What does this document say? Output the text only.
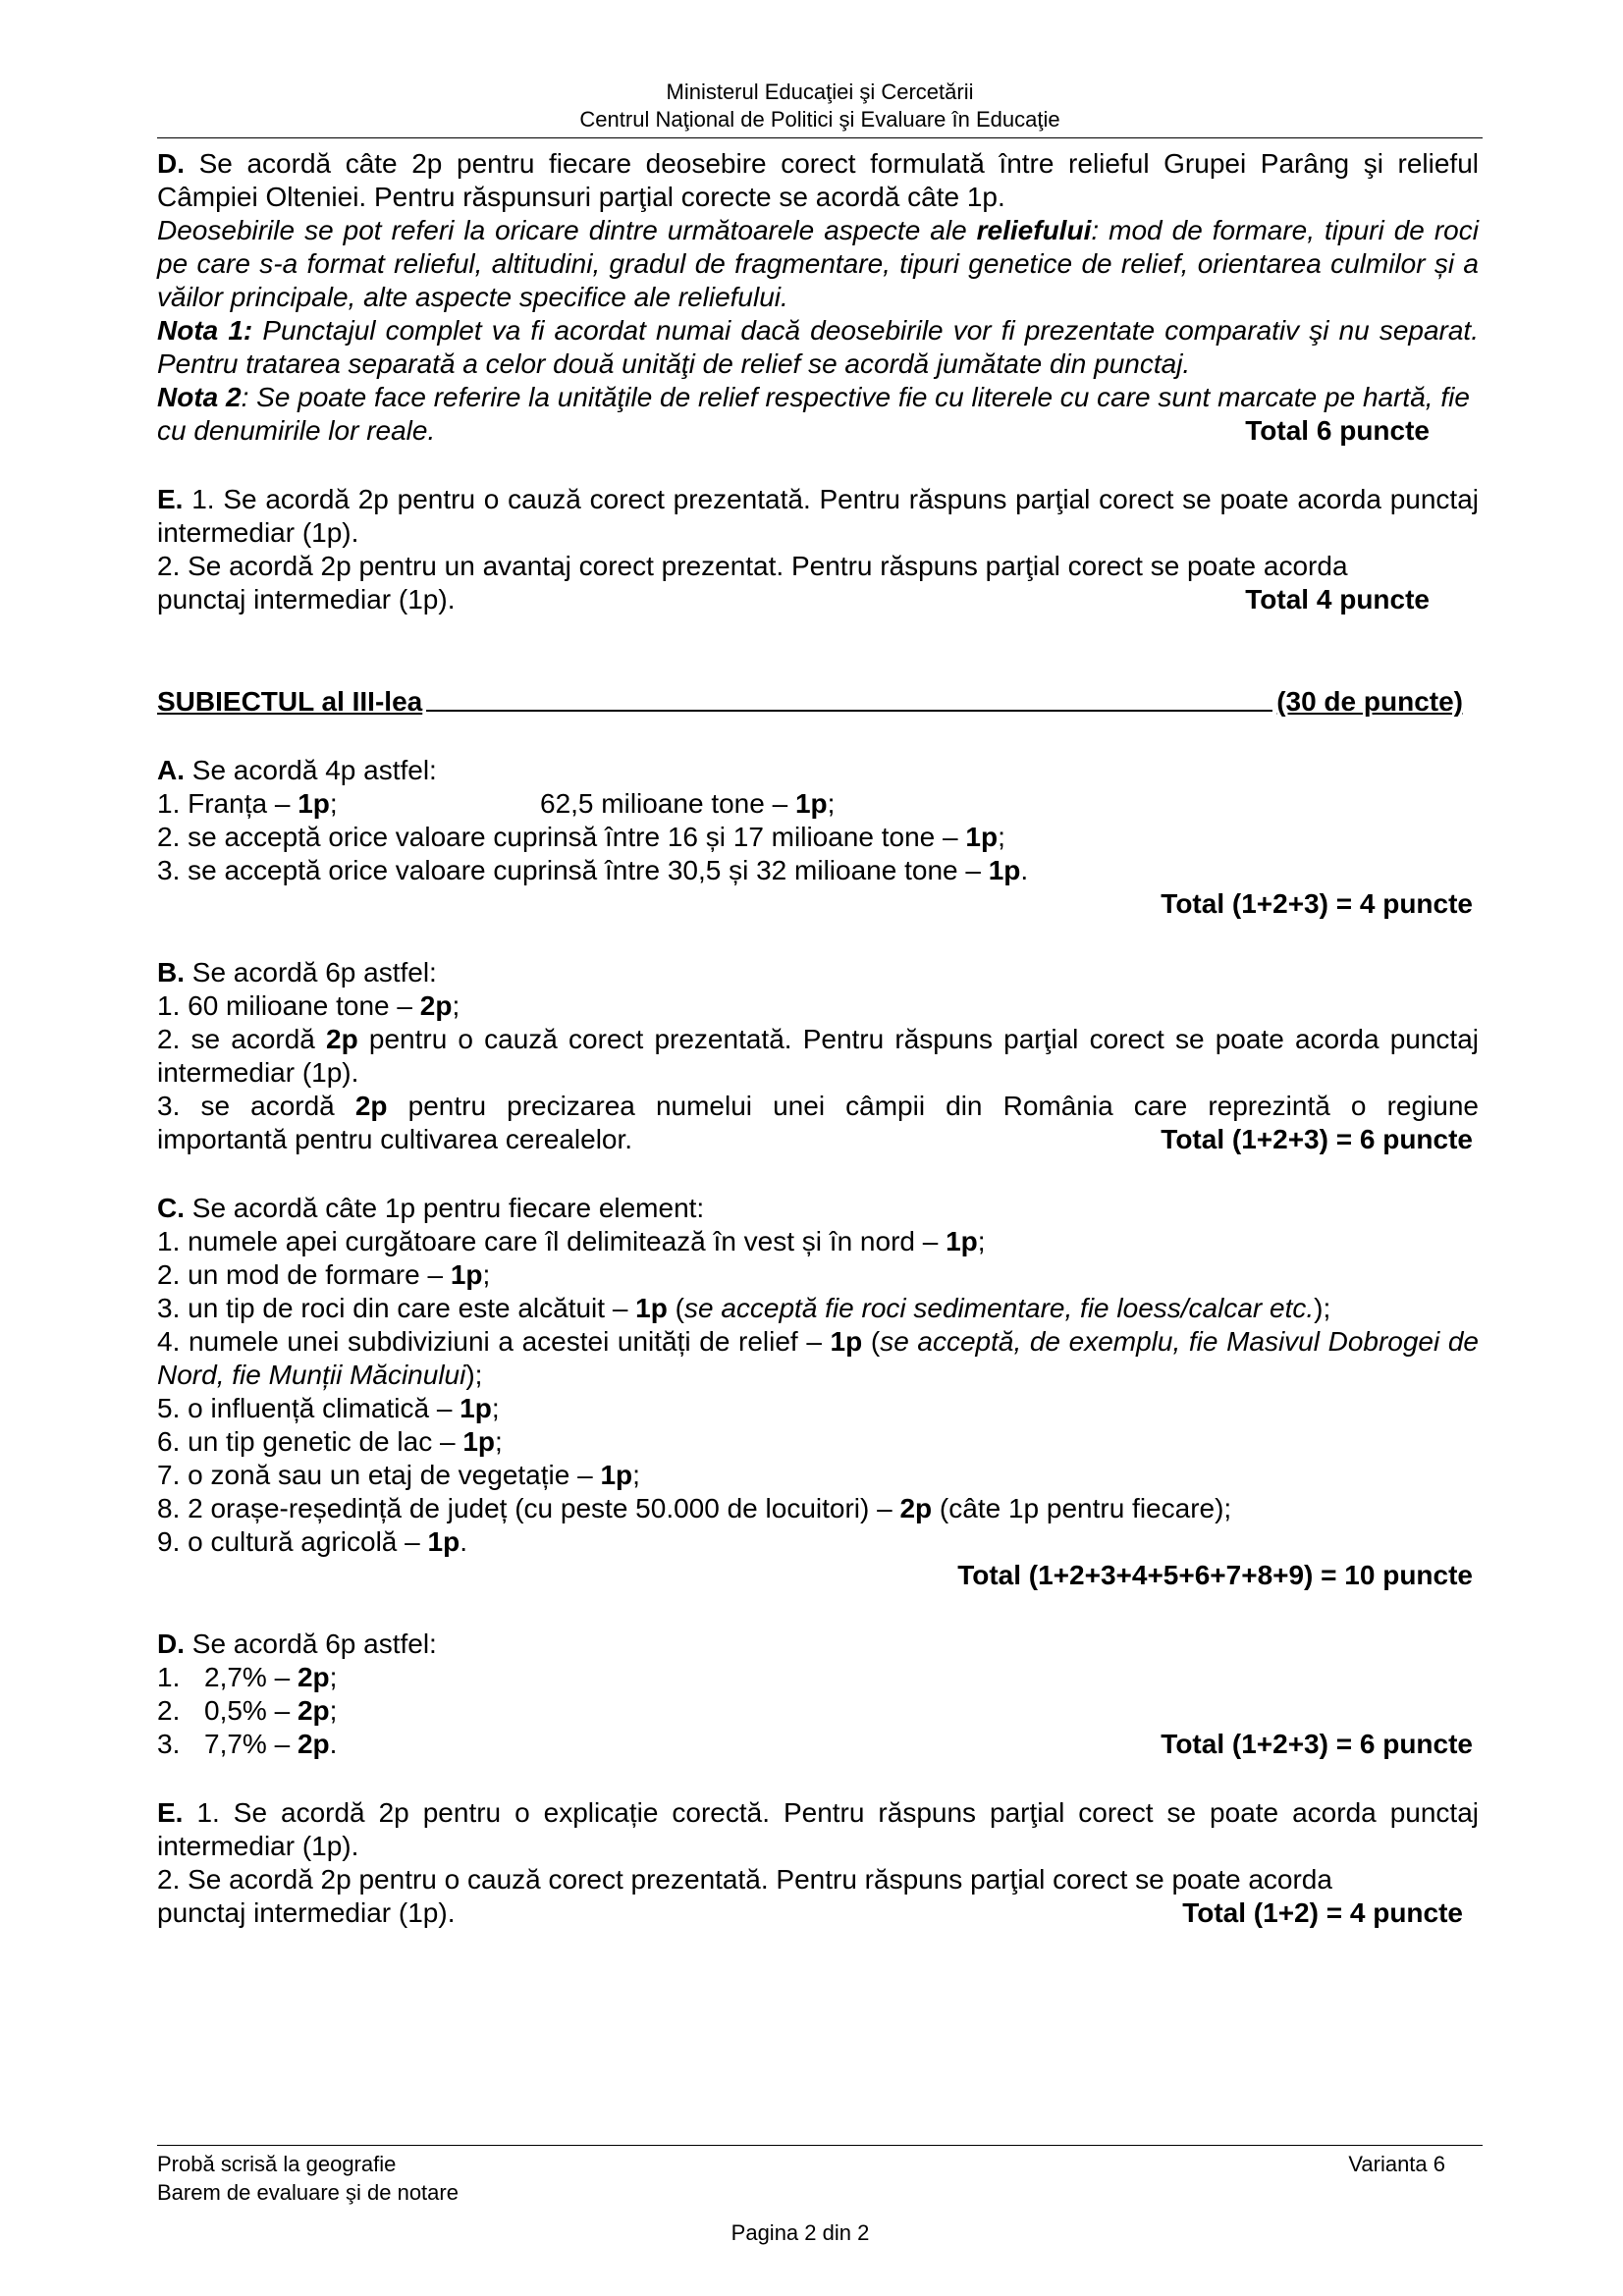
Ministerul Educaţiei şi Cercetării
Centrul Naţional de Politici şi Evaluare în Educaţie
D. Se acordă câte 2p pentru fiecare deosebire corect formulată între relieful Grupei Parâng şi relieful Câmpiei Olteniei. Pentru răspunsuri parţial corecte se acordă câte 1p.
Deosebirile se pot referi la oricare dintre următoarele aspecte ale reliefului: mod de formare, tipuri de roci pe care s-a format relieful, altitudini, gradul de fragmentare, tipuri genetice de relief, orientarea culmilor și a văilor principale, alte aspecte specifice ale reliefului.
Nota 1: Punctajul complet va fi acordat numai dacă deosebirile vor fi prezentate comparativ şi nu separat. Pentru tratarea separată a celor două unităţi de relief se acordă jumătate din punctaj.
Nota 2: Se poate face referire la unităţile de relief respective fie cu literele cu care sunt marcate pe hartă, fie cu denumirile lor reale.	Total 6 puncte
E. 1. Se acordă 2p pentru o cauză corect prezentată. Pentru răspuns parţial corect se poate acorda punctaj intermediar (1p).
2. Se acordă 2p pentru un avantaj corect prezentat. Pentru răspuns parţial corect se poate acorda
punctaj intermediar (1p).	Total 4 puncte
SUBIECTUL al III-lea	(30 de puncte)
A. Se acordă 4p astfel:
1. Franța – 1p;	62,5 milioane tone – 1p;
2. se acceptă orice valoare cuprinsă între 16 și 17 milioane tone – 1p;
3. se acceptă orice valoare cuprinsă între 30,5 și 32 milioane tone – 1p.
Total (1+2+3) = 4 puncte
B. Se acordă 6p astfel:
1. 60 milioane tone – 2p;
2. se acordă 2p pentru o cauză corect prezentată. Pentru răspuns parţial corect se poate acorda punctaj intermediar (1p).
3. se acordă 2p pentru precizarea numelui unei câmpii din România care reprezintă o regiune
importantă pentru cultivarea cerealelor.	Total (1+2+3) = 6 puncte
C. Se acordă câte 1p pentru fiecare element:
1. numele apei curgătoare care îl delimitează în vest și în nord – 1p;
2. un mod de formare – 1p;
3. un tip de roci din care este alcătuit – 1p (se acceptă fie roci sedimentare, fie loess/calcar etc.);
4. numele unei subdiviziuni a acestei unități de relief – 1p (se acceptă, de exemplu, fie Masivul Dobrogei de Nord, fie Munții Măcinului);
5. o influență climatică – 1p;
6. un tip genetic de lac – 1p;
7. o zonă sau un etaj de vegetație – 1p;
8. 2 orașe-reședință de județ (cu peste 50.000 de locuitori) – 2p (câte 1p pentru fiecare);
9. o cultură agricolă – 1p.
Total (1+2+3+4+5+6+7+8+9) = 10 puncte
D. Se acordă 6p astfel:
1. 2,7% – 2p;
2. 0,5% – 2p;
3. 7,7% – 2p.	Total (1+2+3) = 6 puncte
E. 1. Se acordă 2p pentru o explicație corectă. Pentru răspuns parţial corect se poate acorda punctaj intermediar (1p).
2. Se acordă 2p pentru o cauză corect prezentată. Pentru răspuns parţial corect se poate acorda
punctaj intermediar (1p).	Total (1+2) = 4 puncte
Probă scrisă la geografie	Varianta 6
Barem de evaluare şi de notare
Pagina 2 din 2
